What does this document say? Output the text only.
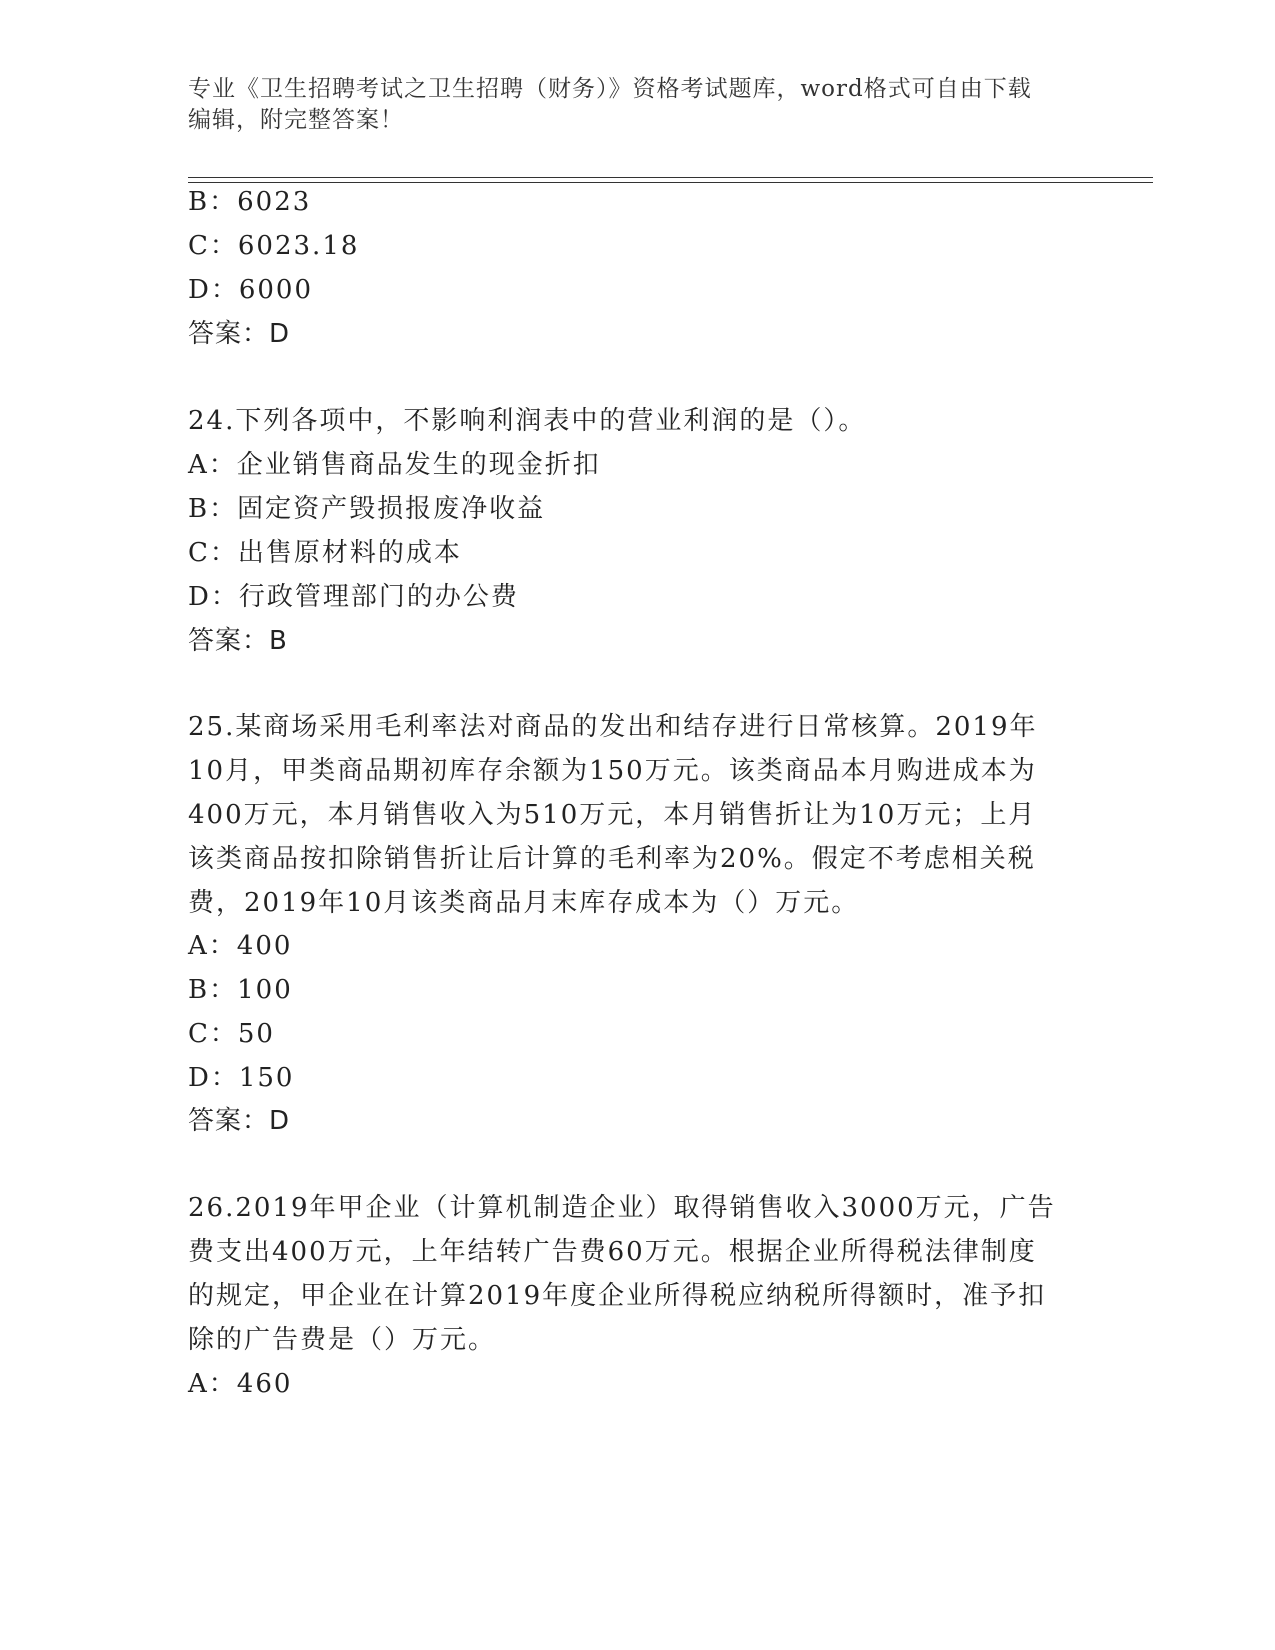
专业《卫生招聘考试之卫生招聘（财务）》资格考试题库，word格式可自由下载
编辑，附完整答案！
B：6023
C：6023.18
D：6000
答案：D
24.下列各项中，不影响利润表中的营业利润的是（）。
A：企业销售商品发生的现金折扣
B：固定资产毁损报废净收益
C：出售原材料的成本
D：行政管理部门的办公费
答案：B
25.某商场采用毛利率法对商品的发出和结存进行日常核算。2019年
10月，甲类商品期初库存余额为150万元。该类商品本月购进成本为
400万元，本月销售收入为510万元，本月销售折让为10万元；上月
该类商品按扣除销售折让后计算的毛利率为20%。假定不考虑相关税
费，2019年10月该类商品月末库存成本为（）万元。
A：400
B：100
C：50
D：150
答案：D
26.2019年甲企业（计算机制造企业）取得销售收入3000万元，广告
费支出400万元，上年结转广告费60万元。根据企业所得税法律制度
的规定，甲企业在计算2019年度企业所得税应纳税所得额时，准予扣
除的广告费是（）万元。
A：460
